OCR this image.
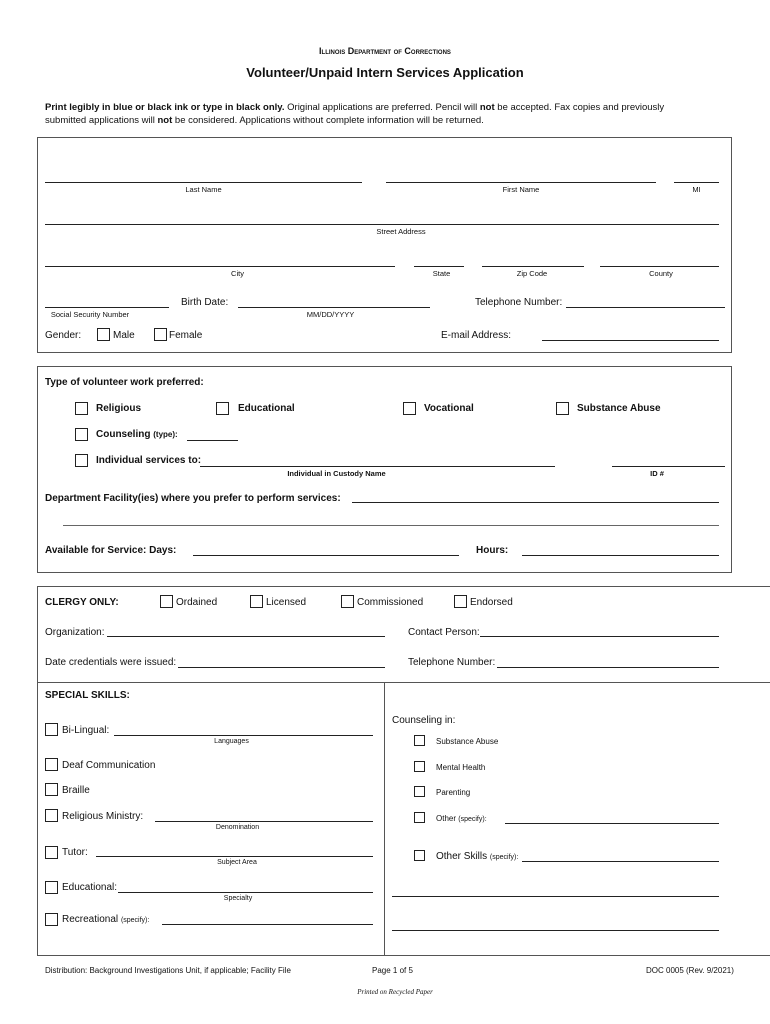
Illinois Department of Corrections
Volunteer/Unpaid Intern Services Application
Print legibly in blue or black ink or type in black only. Original applications are preferred. Pencil will not be accepted. Fax copies and previously
submitted applications will not be considered. Applications without complete information will be returned.
Last Name	First Name	MI
Street Address
City	State	Zip Code	County
Social Security Number
Birth Date:
MM/DD/YYYY
Telephone Number:
Gender:	Male	Female	E-mail Address:
Type of volunteer work preferred:
Religious	Educational	Vocational	Substance Abuse
Counseling (type):
Individual services to:
Individual in Custody Name	ID #
Department Facility(ies) where you prefer to perform services:
Available for Service: Days:	Hours:
CLERGY ONLY:	Ordained	Licensed	Commissioned	Endorsed
Organization:	Contact Person:
Date credentials were issued:	Telephone Number:
SPECIAL SKILLS:
Bi-Lingual:
Languages
Deaf Communication
Braille
Religious Ministry:
Denomination
Tutor:
Subject Area
Educational:
Specialty
Recreational (specify):
Counseling in:
Substance Abuse
Mental Health
Parenting
Other (specify):
Other Skills (specify):
Distribution: Background Investigations Unit, if applicable; Facility File	Page 1 of 5	DOC 0005 (Rev. 9/2021)
Printed on Recycled Paper
